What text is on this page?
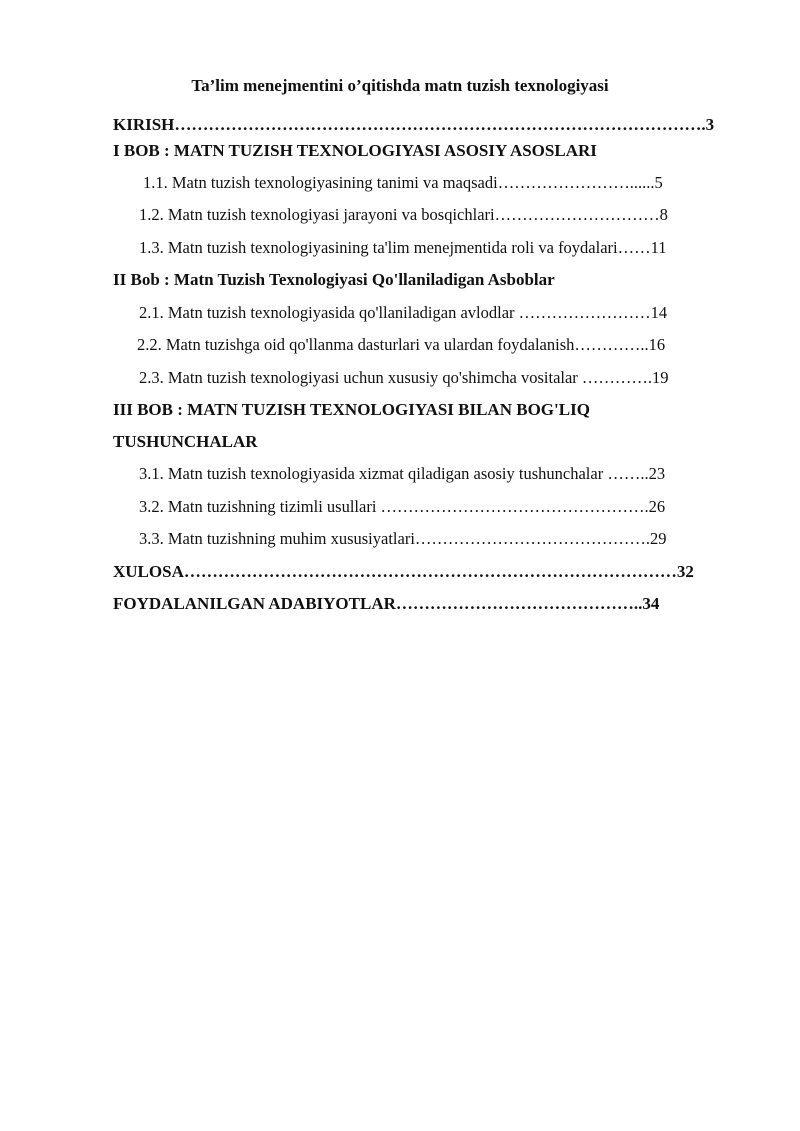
Ta’lim menejmentini o’qitishda matn tuzish texnologiyasi
KIRISH………………………………………………………………………………….3
I BOB : MATN TUZISH TEXNOLOGIYASI ASOSIY ASOSLARI
1.1. Matn tuzish texnologiyasining tanimi va maqsadi……………………......5
1.2. Matn tuzish texnologiyasi jarayoni va bosqichlari…………………………8
1.3. Matn tuzish texnologiyasining ta'lim menejmentida roli va foydalari……11
II Bob : Matn Tuzish Texnologiyasi Qo'llaniladigan Asboblar
2.1. Matn tuzish texnologiyasida qo'llaniladigan avlodlar ……………………14
2.2. Matn tuzishga oid qo'llanma dasturlari va ulardan foydalanish…………..16
2.3. Matn tuzish texnologiyasi uchun xususiy qo'shimcha vositalar ………….19
III BOB : MATN TUZISH TEXNOLOGIYASI BILAN BOG'LIQ
TUSHUNCHALAR
3.1. Matn tuzish texnologiyasida xizmat qiladigan asosiy tushunchalar ……..23
3.2. Matn tuzishning tizimli usullari ………………………………………….26
3.3. Matn tuzishning muhim xususiyatlari…………………………………….29
XULOSA……………………………………………………………………………32
FOYDALANILGAN ADABIYOTLAR……………………………………..34
